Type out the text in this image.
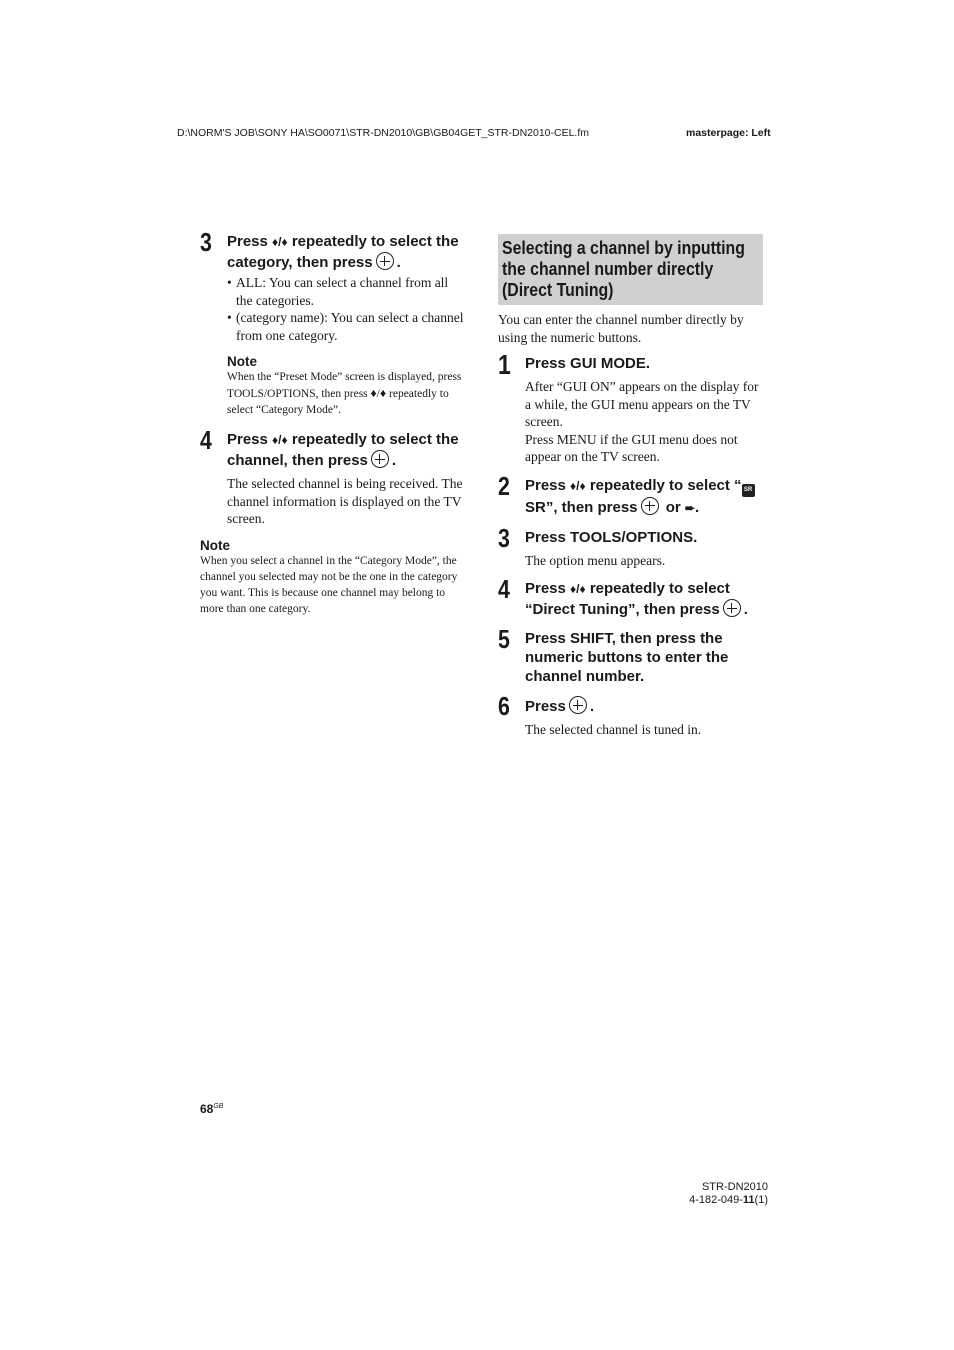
D:\NORM'S JOB\SONY HA\SO0071\STR-DN2010\GB\GB04GET_STR-DN2010-CEL.fm	masterpage: Left
3 Press ♦/♦ repeatedly to select the category, then press .
• ALL: You can select a channel from all the categories.
• (category name): You can select a channel from one category.
Note
When the “Preset Mode” screen is displayed, press TOOLS/OPTIONS, then press ♦/♦ repeatedly to select “Category Mode”.
4 Press ♦/♦ repeatedly to select the channel, then press .
The selected channel is being received. The channel information is displayed on the TV screen.
Note
When you select a channel in the “Category Mode”, the channel you selected may not be the one in the category you want. This is because one channel may belong to more than one category.
Selecting a channel by inputting the channel number directly (Direct Tuning)
You can enter the channel number directly by using the numeric buttons.
1 Press GUI MODE.
After “GUI ON” appears on the display for a while, the GUI menu appears on the TV screen.
Press MENU if the GUI menu does not appear on the TV screen.
2 Press ♦/♦ repeatedly to select “ SRSR”, then press or ➨.
3 Press TOOLS/OPTIONS.
The option menu appears.
4 Press ♦/♦ repeatedly to select “Direct Tuning”, then press .
5 Press SHIFT, then press the numeric buttons to enter the channel number.
6 Press .
The selected channel is tuned in.
$68^{GB}$
STR-DN2010
4-182-049-11(1)
